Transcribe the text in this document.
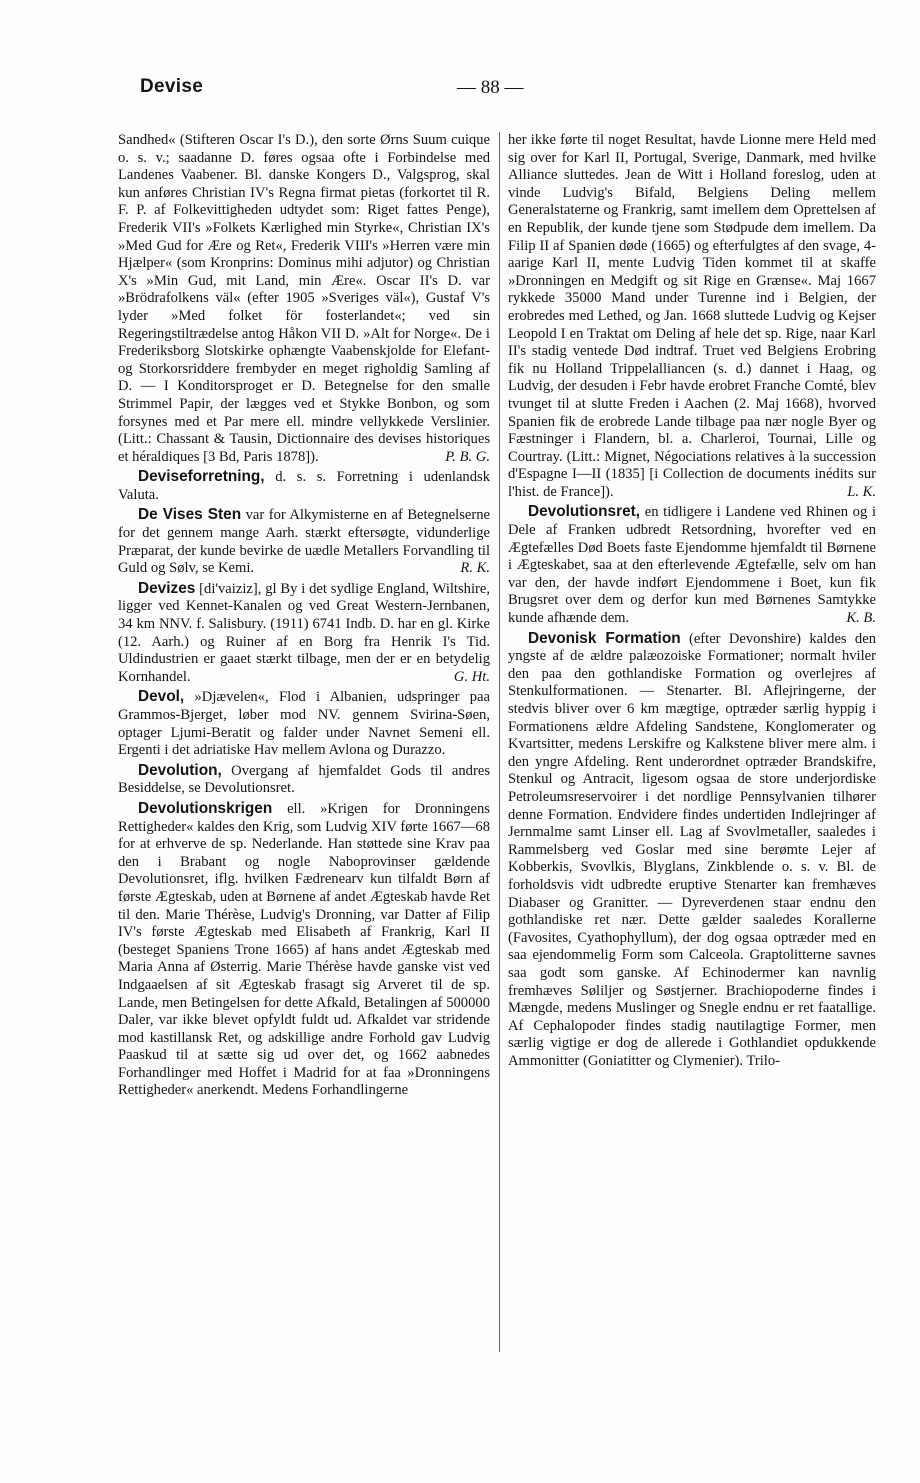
Devise	— 88 —

Sandhed« (Stifteren Oscar I's D.), den sorte Ørns Suum cuique o. s. v.; saadanne D. føres ogsaa ofte i Forbindelse med Landenes Vaabener. Bl. danske Kongers D., Valgsprog, skal kun anføres Christian IV's Regna firmat pietas (forkortet til R. F. P. af Folkevittigheden udtydet som: Riget fattes Penge), Frederik VII's »Folkets Kærlighed min Styrke«, Christian IX's »Med Gud for Ære og Ret«, Frederik VIII's »Herren være min Hjælper« (som Kronprins: Dominus mihi adjutor) og Christian X's »Min Gud, mit Land, min Ære«. Oscar II's D. var »Brödrafolkens väl« (efter 1905 »Sveriges väl«), Gustaf V's lyder »Med folket för fosterlandet«; ved sin Regeringstiltrædelse antog Håkon VII D. »Alt for Norge«. De i Frederiksborg Slotskirke ophængte Vaabenskjolde for Elefant- og Storkorsriddere frembyder en meget righoldig Samling af D. — I Konditorsproget er D. Betegnelse for den smalle Strimmel Papir, der lægges ved et Stykke Bonbon, og som forsynes med et Par mere ell. mindre vellykkede Verslinier. (Litt.: Chassant & Tausin, Dictionnaire des devises historiques et héraldiques [3 Bd, Paris 1878]).	P. B. G.

Deviseforretning, d. s. s. Forretning i udenlandsk Valuta.

De Vises Sten var for Alkymisterne en af Betegnelserne for det gennem mange Aarh. stærkt eftersøgte, vidunderlige Præparat, der kunde bevirke de uædle Metallers Forvandling til Guld og Sølv, se Kemi.	R. K.

Devizes [di'vaiziz], gl By i det sydlige England, Wiltshire, ligger ved Kennet-Kanalen og ved Great Western-Jernbanen, 34 km NNV. f. Salisbury. (1911) 6741 Indb. D. har en gl. Kirke (12. Aarh.) og Ruiner af en Borg fra Henrik I's Tid. Uldindustrien er gaaet stærkt tilbage, men der er en betydelig Kornhandel.	G. Ht.

Devol, »Djævelen«, Flod i Albanien, udspringer paa Grammos-Bjerget, løber mod NV. gennem Svirina-Søen, optager Ljumi-Beratit og falder under Navnet Semeni ell. Ergenti i det adriatiske Hav mellem Avlona og Durazzo.

Devolution, Overgang af hjemfaldet Gods til andres Besiddelse, se Devolutionsret.

Devolutionskrigen ell. »Krigen for Dronningens Rettigheder« kaldes den Krig, som Ludvig XIV førte 1667—68 for at erhverve de sp. Nederlande. Han støttede sine Krav paa den i Brabant og nogle Naboprovinser gældende Devolutionsret, iflg. hvilken Fædrenearv kun tilfaldt Børn af første Ægteskab, uden at Børnene af andet Ægteskab havde Ret til den. Marie Thérèse, Ludvig's Dronning, var Datter af Filip IV's første Ægteskab med Elisabeth af Frankrig, Karl II (besteget Spaniens Trone 1665) af hans andet Ægteskab med Maria Anna af Østerrig. Marie Thérèse havde ganske vist ved Indgaaelsen af sit Ægteskab frasagt sig Arveret til de sp. Lande, men Betingelsen for dette Afkald, Betalingen af 500000 Daler, var ikke blevet opfyldt fuldt ud. Afkaldet var stridende mod kastillansk Ret, og adskillige andre Forhold gav Ludvig Paaskud til at sætte sig ud over det, og 1662 aabnedes Forhandlinger med Hoffet i Madrid for at faa »Dronningens Rettigheder« anerkendt. Medens Forhandlingerne

her ikke førte til noget Resultat, havde Lionne mere Held med sig over for Karl II, Portugal, Sverige, Danmark, med hvilke Alliance sluttedes. Jean de Witt i Holland foreslog, uden at vinde Ludvig's Bifald, Belgiens Deling mellem Generalstaterne og Frankrig, samt imellem dem Oprettelsen af en Republik, der kunde tjene som Stødpude dem imellem. Da Filip II af Spanien døde (1665) og efterfulgtes af den svage, 4-aarige Karl II, mente Ludvig Tiden kommet til at skaffe »Dronningen en Medgift og sit Rige en Grænse«. Maj 1667 rykkede 35000 Mand under Turenne ind i Belgien, der erobredes med Lethed, og Jan. 1668 sluttede Ludvig og Kejser Leopold I en Traktat om Deling af hele det sp. Rige, naar Karl II's stadig ventede Død indtraf. Truet ved Belgiens Erobring fik nu Holland Trippelalliancen (s. d.) dannet i Haag, og Ludvig, der desuden i Febr havde erobret Franche Comté, blev tvunget til at slutte Freden i Aachen (2. Maj 1668), hvorved Spanien fik de erobrede Lande tilbage paa nær nogle Byer og Fæstninger i Flandern, bl. a. Charleroi, Tournai, Lille og Courtray. (Litt.: Mignet, Négociations relatives à la succession d'Espagne I—II (1835] [i Collection de documents inédits sur l'hist. de France]).	L. K.

Devolutionsret, en tidligere i Landene ved Rhinen og i Dele af Franken udbredt Retsordning, hvorefter ved en Ægtefælles Død Boets faste Ejendomme hjemfaldt til Børnene i Ægteskabet, saa at den efterlevende Ægtefælle, selv om han var den, der havde indført Ejendommene i Boet, kun fik Brugsret over dem og derfor kun med Børnenes Samtykke kunde afhænde dem.	K. B.

Devonisk Formation (efter Devonshire) kaldes den yngste af de ældre palæozoiske Formationer; normalt hviler den paa den gothlandiske Formation og overlejres af Stenkulformationen. — Stenarter. Bl. Aflejringerne, der stedvis bliver over 6 km mægtige, optræder særlig hyppig i Formationens ældre Afdeling Sandstene, Konglomerater og Kvartsitter, medens Lerskifre og Kalkstene bliver mere alm. i den yngre Afdeling. Rent underordnet optræder Brandskifre, Stenkul og Antracit, ligesom ogsaa de store underjordiske Petroleumsreservoirer i det nordlige Pennsylvanien tilhører denne Formation. Endvidere findes undertiden Indlejringer af Jernmalme samt Linser ell. Lag af Svovlmetaller, saaledes i Rammelsberg ved Goslar med sine berømte Lejer af Kobberkis, Svovlkis, Blyglans, Zinkblende o. s. v. Bl. de forholdsvis vidt udbredte eruptive Stenarter kan fremhæves Diabaser og Granitter. — Dyreverdenen staar endnu den gothlandiske ret nær. Dette gælder saaledes Korallerne (Favosites, Cyathophyllum), der dog ogsaa optræder med en saa ejendommelig Form som Calceola. Graptolitterne savnes saa godt som ganske. Af Echinodermer kan navnlig fremhæves Søliljer og Søstjerner. Brachiopoderne findes i Mængde, medens Muslinger og Snegle endnu er ret faatallige. Af Cephalopoder findes stadig nautilagtige Former, men særlig vigtige er dog de allerede i Gothlandiet opdukkende Ammonitter (Goniatitter og Clymenier). Trilo-
